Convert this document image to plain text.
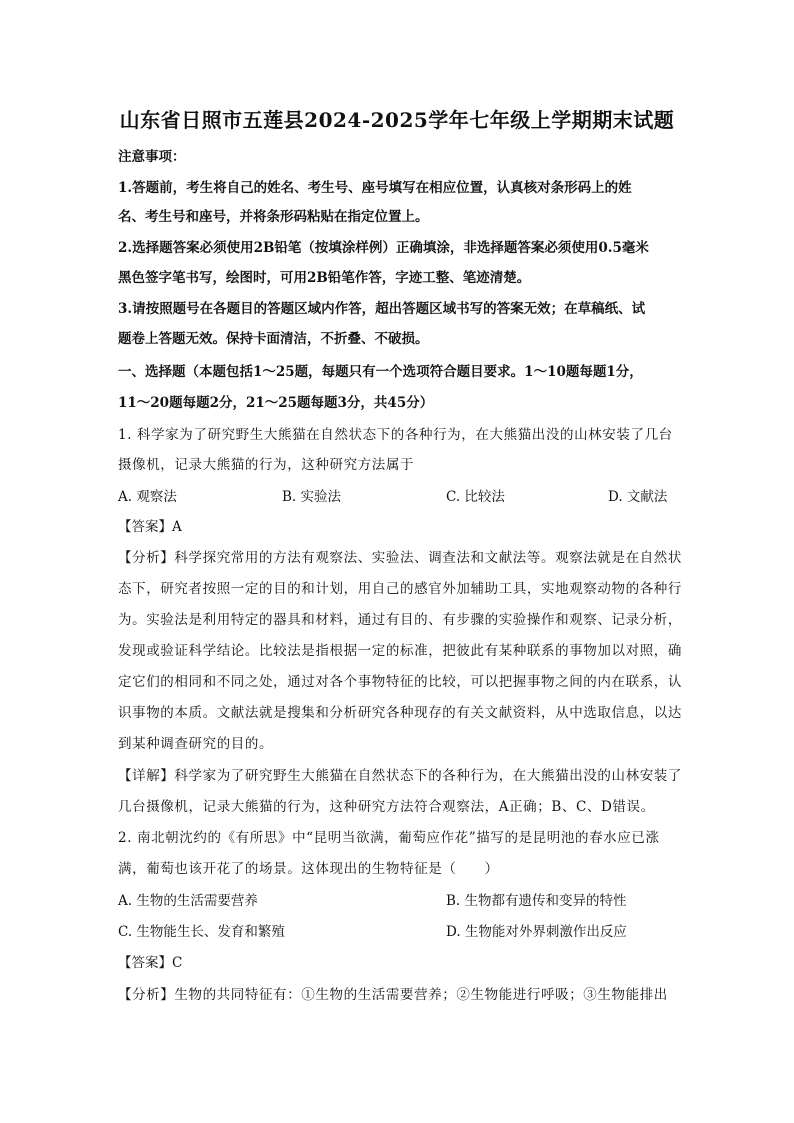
山东省日照市五莲县2024-2025学年七年级上学期期末试题
注意事项：
1.答题前，考生将自己的姓名、考生号、座号填写在相应位置，认真核对条形码上的姓
名、考生号和座号，并将条形码粘贴在指定位置上。
2.选择题答案必须使用2B铅笔（按填涂样例）正确填涂，非选择题答案必须使用0.5毫米
黑色签字笔书写，绘图时，可用2B铅笔作答，字迹工整、笔迹清楚。
3.请按照题号在各题目的答题区域内作答，超出答题区域书写的答案无效；在草稿纸、试
题卷上答题无效。保持卡面清洁，不折叠、不破损。
一、选择题（本题包括1～25题，每题只有一个选项符合题目要求。1～10题每题1分，
11～20题每题2分，21～25题每题3分，共45分）
1. 科学家为了研究野生大熊猫在自然状态下的各种行为，在大熊猫出没的山林安装了几台
摄像机，记录大熊猫的行为，这种研究方法属于
A. 观察法	B. 实验法	C. 比较法	D. 文献法
【答案】A
【分析】科学探究常用的方法有观察法、实验法、调查法和文献法等。观察法就是在自然状
态下，研究者按照一定的目的和计划，用自己的感官外加辅助工具，实地观察动物的各种行
为。实验法是利用特定的器具和材料，通过有目的、有步骤的实验操作和观察、记录分析，
发现或验证科学结论。比较法是指根据一定的标准，把彼此有某种联系的事物加以对照，确
定它们的相同和不同之处，通过对各个事物特征的比较，可以把握事物之间的内在联系，认
识事物的本质。文献法就是搜集和分析研究各种现存的有关文献资料，从中选取信息，以达
到某种调查研究的目的。
【详解】科学家为了研究野生大熊猫在自然状态下的各种行为，在大熊猫出没的山林安装了
几台摄像机，记录大熊猫的行为，这种研究方法符合观察法，A正确；B、C、D错误。
2. 南北朝沈约的《有所思》中“昆明当欲满，葡萄应作花”描写的是昆明池的春水应已涨
满，葡萄也该开花了的场景。这体现出的生物特征是（　　）
A. 生物的生活需要营养	B. 生物都有遗传和变异的特性
C. 生物能生长、发育和繁殖	D. 生物能对外界刺激作出反应
【答案】C
【分析】生物的共同特征有：①生物的生活需要营养；②生物能进行呼吸；③生物能排出
